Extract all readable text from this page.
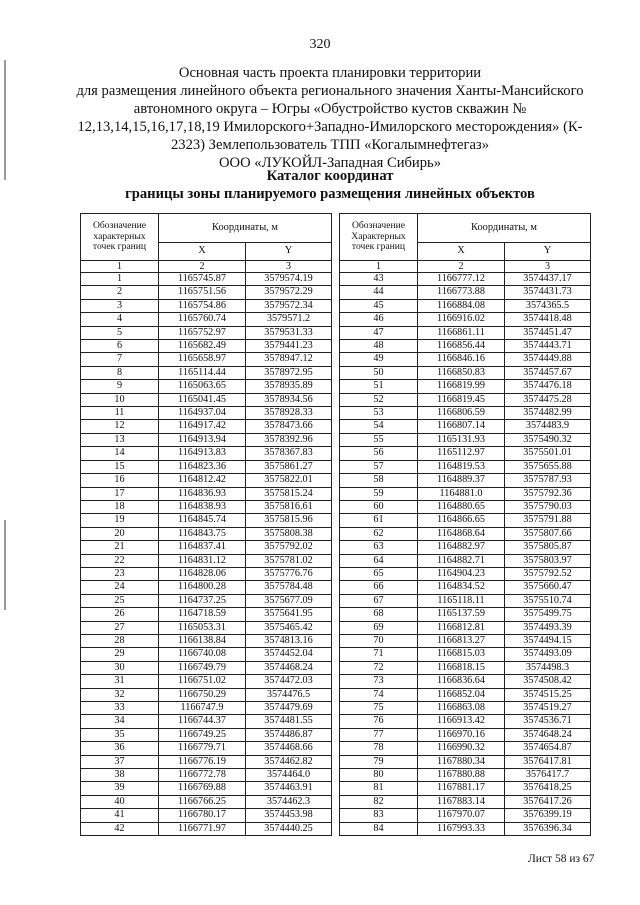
320
Основная часть проекта планировки территории
для размещения линейного объекта регионального значения Ханты-Мансийского
автономного округа – Югры «Обустройство кустов скважин №
12,13,14,15,16,17,18,19 Имилорского+Западно-Имилорского месторождения» (К-
2323) Землепользователь ТПП «Когалымнефтегаз»
ООО «ЛУКОЙЛ-Западная Сибирь»
Каталог координат
границы зоны планируемого размещения линейных объектов
Обозначение характерных точек границ	Координаты, м	
	X	Y
1	2	3
1	1165745.87	3579574.19
2	1165751.56	3579572.29
3	1165754.86	3579572.34
4	1165760.74	3579571.2
5	1165752.97	3579531.33
6	1165682.49	3579441.23
7	1165658.97	3578947.12
8	1165114.44	3578972.95
9	1165063.65	3578935.89
10	1165041.45	3578934.56
11	1164937.04	3578928.33
12	1164917.42	3578473.66
13	1164913.94	3578392.96
14	1164913.83	3578367.83
15	1164823.36	3575861.27
16	1164812.42	3575822.01
17	1164836.93	3575815.24
18	1164838.93	3575816.61
19	1164845.74	3575815.96
20	1164843.75	3575808.38
21	1164837.41	3575792.02
22	1164831.12	3575781.02
23	1164828.06	3575776.76
24	1164800.28	3575784.48
25	1164737.25	3575677.09
26	1164718.59	3575641.95
27	1165053.31	3575465.42
28	1166138.84	3574813.16
29	1166740.08	3574452.04
30	1166749.79	3574468.24
31	1166751.02	3574472.03
32	1166750.29	3574476.5
33	1166747.9	3574479.69
34	1166744.37	3574481.55
35	1166749.25	3574486.87
36	1166779.71	3574468.66
37	1166776.19	3574462.82
38	1166772.78	3574464.0
39	1166769.88	3574463.91
40	1166766.25	3574462.3
41	1166780.17	3574453.98
42	1166771.97	3574440.25
Обозначение Характерных точек границ	Координаты, м	
	X	Y
1	2	3
43	1166777.12	3574437.17
44	1166773.88	3574431.73
45	1166884.08	3574365.5
46	1166916.02	3574418.48
47	1166861.11	3574451.47
48	1166856.44	3574443.71
49	1166846.16	3574449.88
50	1166850.83	3574457.67
51	1166819.99	3574476.18
52	1166819.45	3574475.28
53	1166806.59	3574482.99
54	1166807.14	3574483.9
55	1165131.93	3575490.32
56	1165112.97	3575501.01
57	1164819.53	3575655.88
58	1164889.37	3575787.93
59	1164881.0	3575792.36
60	1164880.65	3575790.03
61	1164866.65	3575791.88
62	1164868.64	3575807.66
63	1164882.97	3575805.87
64	1164882.71	3575803.97
65	1164904.23	3575792.52
66	1164834.52	3575660.47
67	1165118.11	3575510.74
68	1165137.59	3575499.75
69	1166812.81	3574493.39
70	1166813.27	3574494.15
71	1166815.03	3574493.09
72	1166818.15	3574498.3
73	1166836.64	3574508.42
74	1166852.04	3574515.25
75	1166863.08	3574519.27
76	1166913.42	3574536.71
77	1166970.16	3574648.24
78	1166990.32	3574654.87
79	1167880.34	3576417.81
80	1167880.88	3576417.7
81	1167881.17	3576418.25
82	1167883.14	3576417.26
83	1167970.07	3576399.19
84	1167993.33	3576396.34
Лист 58 из 67
